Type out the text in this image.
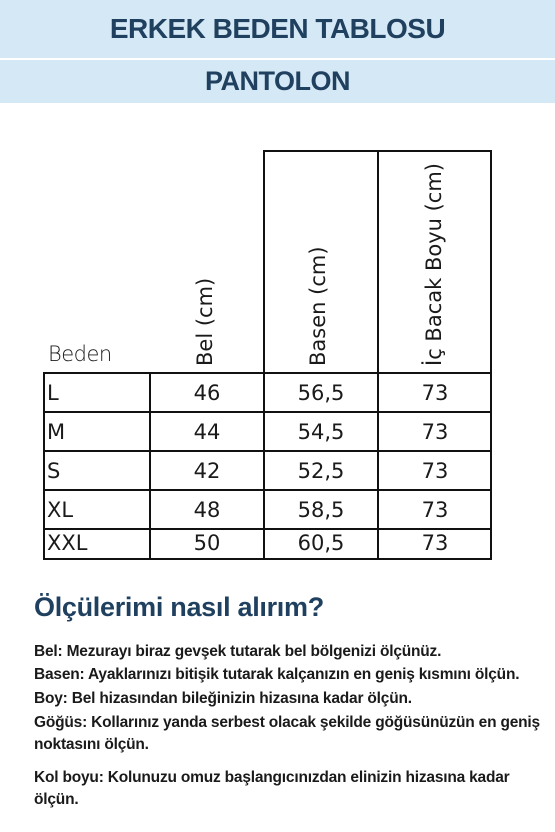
ERKEK BEDEN TABLOSU
PANTOLON
Beden	Bel (cm)	Basen (cm)	İç Bacak Boyu (cm)
L	46	56,5	73
M	44	54,5	73
S	42	52,5	73
XL	48	58,5	73
XXL	50	60,5	73
Ölçülerimi nasıl alırım?
Bel: Mezurayı biraz gevşek tutarak bel bölgenizi ölçünüz.
Basen: Ayaklarınızı bitişik tutarak kalçanızın en geniş kısmını ölçün.
Boy: Bel hizasından bileğinizin hizasına kadar ölçün.
Göğüs: Kollarınız yanda serbest olacak şekilde göğüsünüzün en geniş noktasını ölçün.
Kol boyu: Kolunuzu omuz başlangıcınızdan elinizin hizasına kadar ölçün.
